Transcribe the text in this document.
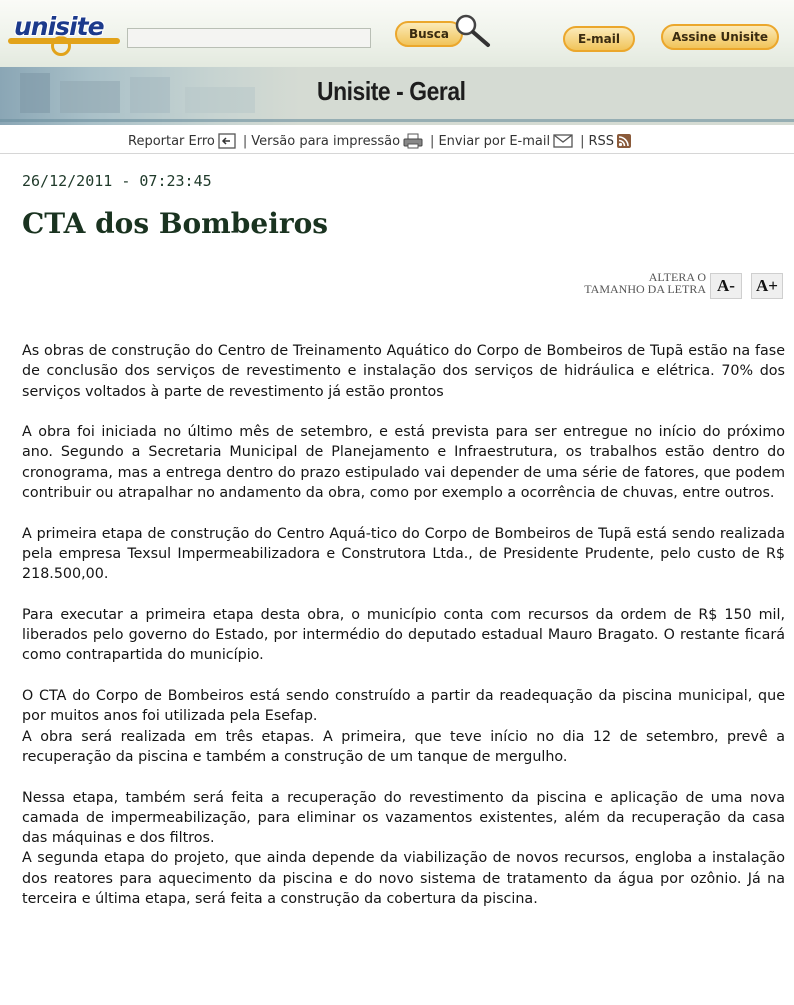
unisite	Busca	E-mail	Assine Unisite
Unisite - Geral
Reportar Erro | Versão para impressão | Enviar por E-mail | RSS
26/12/2011 - 07:23:45
CTA dos Bombeiros
ALTERA O
TAMANHO DA LETRA A-	A+

As obras de construção do Centro de Treinamento Aquático do Corpo de Bombeiros de Tupã estão na fase de conclusão dos serviços de revestimento e instalação dos serviços de hidráulica e elétrica. 70% dos serviços voltados à parte de revestimento já estão prontos

A obra foi iniciada no último mês de setembro, e está prevista para ser entregue no início do próximo ano. Segundo a Secretaria Municipal de Planejamento e Infraestrutura, os trabalhos estão dentro do cronograma, mas a entrega dentro do prazo estipulado vai depender de uma série de fatores, que podem contribuir ou atrapalhar no andamento da obra, como por exemplo a ocorrência de chuvas, entre outros.

A primeira etapa de construção do Centro Aquá-tico do Corpo de Bombeiros de Tupã está sendo realizada pela empresa Texsul Impermeabilizadora e Construtora Ltda., de Presidente Prudente, pelo custo de R$ 218.500,00.

Para executar a primeira etapa desta obra, o município conta com recursos da ordem de R$ 150 mil, liberados pelo governo do Estado, por intermédio do deputado estadual Mauro Bragato. O restante ficará como contrapartida do município.

O CTA do Corpo de Bombeiros está sendo construído a partir da readequação da piscina municipal, que por muitos anos foi utilizada pela Esefap.

A obra será realizada em três etapas. A primeira, que teve início no dia 12 de setembro, prevê a recuperação da piscina e também a construção de um tanque de mergulho.

Nessa etapa, também será feita a recuperação do revestimento da piscina e aplicação de uma nova camada de impermeabilização, para eliminar os vazamentos existentes, além da recuperação da casa das máquinas e dos filtros.

A segunda etapa do projeto, que ainda depende da viabilização de novos recursos, engloba a instalação dos reatores para aquecimento da piscina e do novo sistema de tratamento da água por ozônio. Já na terceira e última etapa, será feita a construção da cobertura da piscina.
